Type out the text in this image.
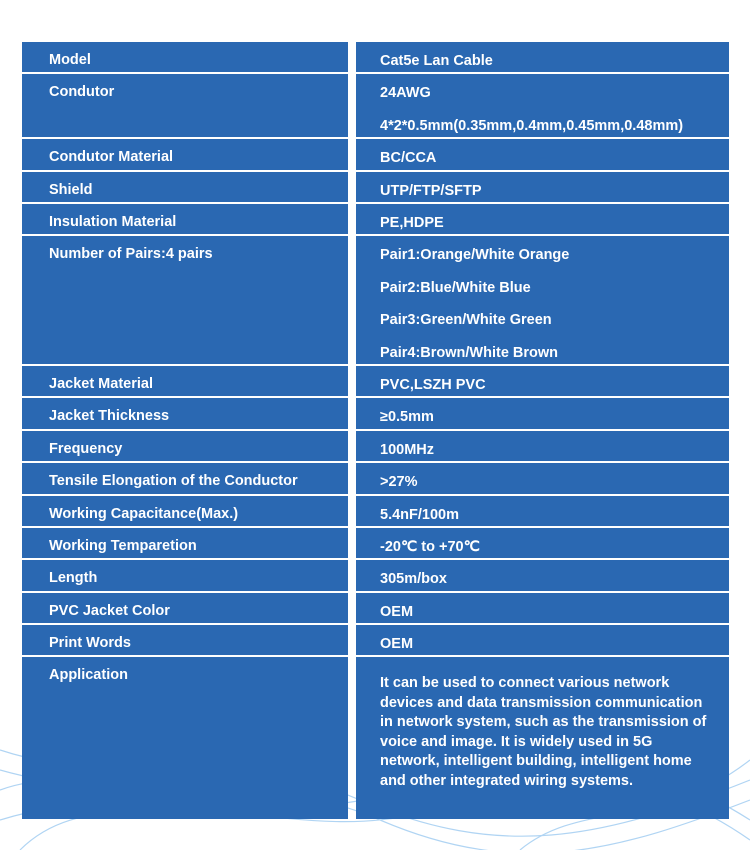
Model	Cat5e Lan Cable
Condutor	24AWG
4*2*0.5mm(0.35mm,0.4mm,0.45mm,0.48mm)
Condutor Material	BC/CCA
Shield	UTP/FTP/SFTP
Insulation Material	PE,HDPE
Number of Pairs:4 pairs	Pair1:Orange/White Orange
Pair2:Blue/White Blue
Pair3:Green/White Green
Pair4:Brown/White Brown
Jacket Material	PVC,LSZH PVC
Jacket Thickness	≥0.5mm
Frequency	100MHz
Tensile Elongation of the Conductor	>27%
Working Capacitance(Max.)	5.4nF/100m
Working Temparetion	-20℃ to +70℃
Length	305m/box
PVC Jacket Color	OEM
Print Words	OEM
Application	It can be used to connect various network devices and data transmission communication in network system, such as the transmission of voice and image. It is widely used in 5G network, intelligent building, intelligent home and other integrated wiring systems.
